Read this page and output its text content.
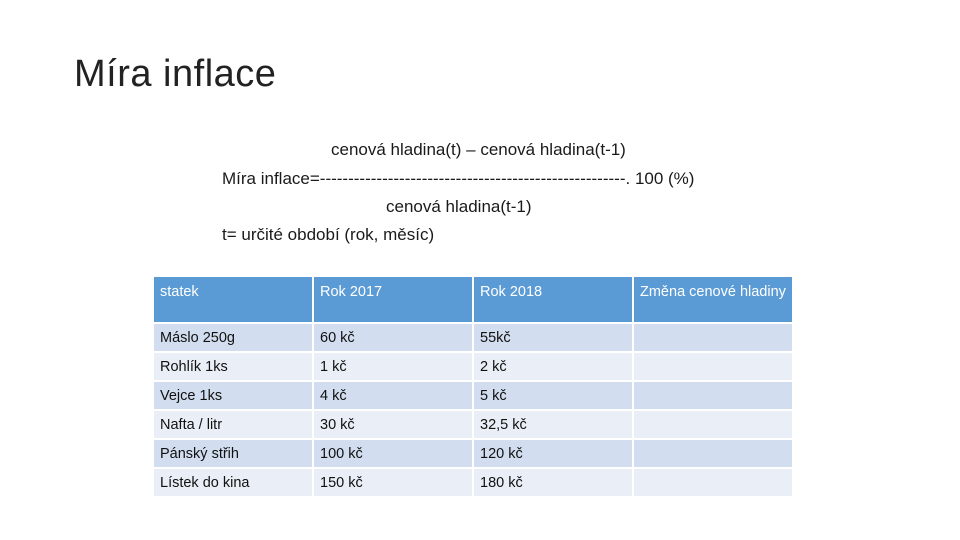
Míra inflace
cenová hladina(t) – cenová hladina(t-1)
Míra inflace=------------------------------------------------------. 100 (%)
cenová hladina(t-1)
t= určité období (rok, měsíc)
statek	Rok 2017	Rok 2018	Změna cenové hladiny
Máslo 250g	60 kč	55kč	
Rohlík 1ks	1 kč	2 kč	
Vejce 1ks	4 kč	5 kč	
Nafta / litr	30 kč	32,5 kč	
Pánský střih	100 kč	120 kč	
Lístek do kina	150 kč	180 kč	
